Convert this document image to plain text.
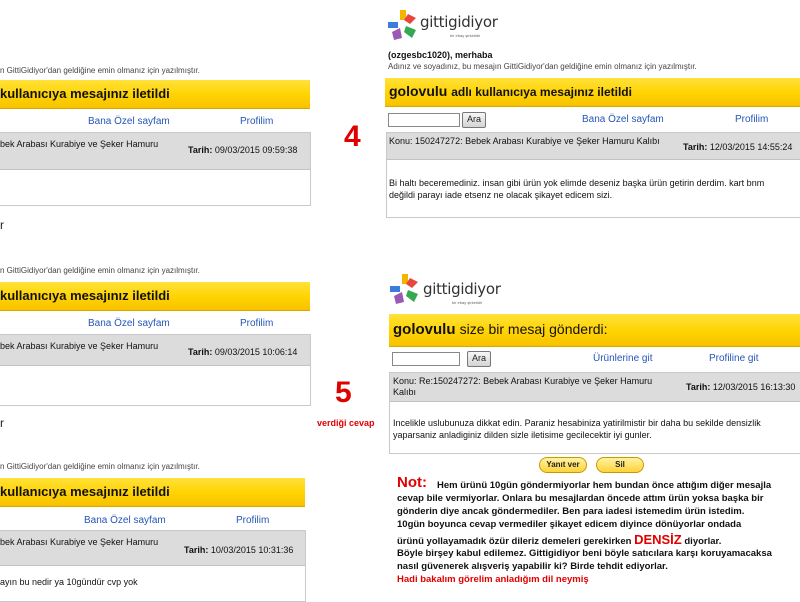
n GittiGidiyor'dan geldiğine emin olmanız için yazılmıştır.
kullanıcıya mesajınız iletildi
Bana Özel sayfam	Profilim
bek Arabası Kurabiye ve Şeker Hamuru
Tarih: 09/03/2015 09:59:38
r
n GittiGidiyor'dan geldiğine emin olmanız için yazılmıştır.
kullanıcıya mesajınız iletildi
Bana Özel sayfam	Profilim
bek Arabası Kurabiye ve Şeker Hamuru
Tarih: 09/03/2015 10:06:14
r
n GittiGidiyor'dan geldiğine emin olmanız için yazılmıştır.
kullanıcıya mesajınız iletildi
Bana Özel sayfam	Profilim
bek Arabası Kurabiye ve Şeker Hamuru
Tarih: 10/03/2015 10:31:36
ayın bu nedir ya 10gündür cvp yok
gittigidiyor
bir ebay şirketidir
(ozgesbc1020), merhaba
Adınız ve soyadınız, bu mesajın GittiGidiyor'dan geldiğine emin olmanız için yazılmıştır.
golovulu adlı kullanıcıya mesajınız iletildi
Ara	Bana Özel sayfam	Profilim
Konu: 150247272: Bebek Arabası Kurabiye ve Şeker Hamuru Kalıbı
Tarih: 12/03/2015 14:55:24
Bi haltı beceremediniz. insan gibi ürün yok elimde deseniz başka ürün getirin derdim. kart bnm değildi parayı iade etsenz ne olacak şikayet edicem sizi.
4
5
verdiği cevap
gittigidiyor
bir ebay şirketidir
golovulu size bir mesaj gönderdi:
Ara	Ürünlerine git	Profiline git
Konu: Re:150247272: Bebek Arabası Kurabiye ve Şeker Hamuru Kalıbı	Tarih: 12/03/2015 16:13:30
Incelikle uslubunuza dikkat edin. Paraniz hesabiniza yatirilmistir bir daha bu sekilde densizlik yaparsaniz anladiginiz dilden sizle iletisime gecilecektir iyi gunler.
Yanıt ver	Sil
Not: Hem ürünü 10gün göndermiyorlar hem bundan önce attığım diğer mesajla
cevap bile vermiyorlar. Onlara bu mesajlardan öncede attım ürün yoksa başka bir
gönderin diye ancak göndermediler. Ben para iadesi istemedim ürün istedim.
10gün boyunca cevap vermediler şikayet edicem diyince dönüyorlar ondada
ürünü yollayamadık özür dileriz demeleri gerekirken DENSİZ diyorlar.
Böyle birşey kabul edilemez. Gittigidiyor beni böyle satıcılara karşı koruyamacaksa
nasıl güvenerek alışveriş yapabilir ki? Birde tehdit ediyorlar.
Hadi bakalım görelim anladığım dil neymiş
